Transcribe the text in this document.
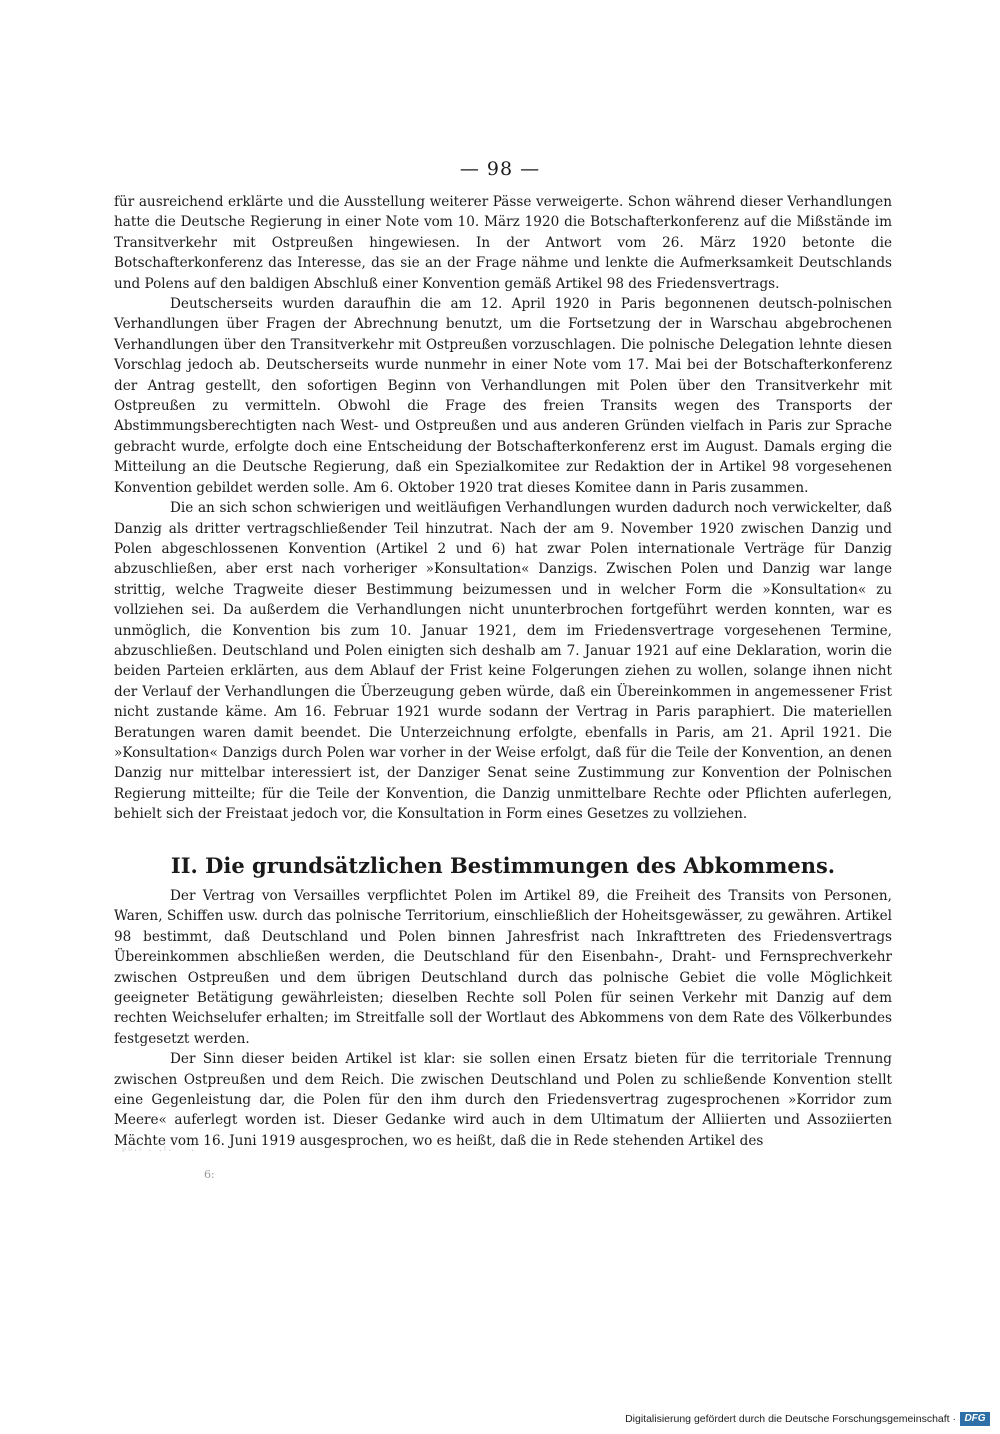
— 98 —

für ausreichend erklärte und die Ausstellung weiterer Pässe verweigerte. Schon während dieser Verhandlungen hatte die Deutsche Regierung in einer Note vom 10. März 1920 die Botschafterkonferenz auf die Mißstände im Transitverkehr mit Ostpreußen hingewiesen. In der Antwort vom 26. März 1920 betonte die Botschafterkonferenz das Interesse, das sie an der Frage nähme und lenkte die Aufmerksamkeit Deutschlands und Polens auf den baldigen Abschluß einer Konvention gemäß Artikel 98 des Friedensvertrags.

Deutscherseits wurden daraufhin die am 12. April 1920 in Paris begonnenen deutsch-polnischen Verhandlungen über Fragen der Abrechnung benutzt, um die Fortsetzung der in Warschau abgebrochenen Verhandlungen über den Transitverkehr mit Ostpreußen vorzuschlagen. Die polnische Delegation lehnte diesen Vorschlag jedoch ab. Deutscherseits wurde nunmehr in einer Note vom 17. Mai bei der Botschafterkonferenz der Antrag gestellt, den sofortigen Beginn von Verhandlungen mit Polen über den Transitverkehr mit Ostpreußen zu vermitteln. Obwohl die Frage des freien Transits wegen des Transports der Abstimmungsberechtigten nach West- und Ostpreußen und aus anderen Gründen vielfach in Paris zur Sprache gebracht wurde, erfolgte doch eine Entscheidung der Botschafterkonferenz erst im August. Damals erging die Mitteilung an die Deutsche Regierung, daß ein Spezialkomitee zur Redaktion der in Artikel 98 vorgesehenen Konvention gebildet werden solle. Am 6. Oktober 1920 trat dieses Komitee dann in Paris zusammen.

Die an sich schon schwierigen und weitläufigen Verhandlungen wurden dadurch noch verwickelter, daß Danzig als dritter vertragschließender Teil hinzutrat. Nach der am 9. November 1920 zwischen Danzig und Polen abgeschlossenen Konvention (Artikel 2 und 6) hat zwar Polen internationale Verträge für Danzig abzuschließen, aber erst nach vorheriger »Konsultation« Danzigs. Zwischen Polen und Danzig war lange strittig, welche Tragweite dieser Bestimmung beizumessen und in welcher Form die »Konsultation« zu vollziehen sei. Da außerdem die Verhandlungen nicht ununterbrochen fortgeführt werden konnten, war es unmöglich, die Konvention bis zum 10. Januar 1921, dem im Friedensvertrage vorgesehenen Termine, abzuschließen. Deutschland und Polen einigten sich deshalb am 7. Januar 1921 auf eine Deklaration, worin die beiden Parteien erklärten, aus dem Ablauf der Frist keine Folgerungen ziehen zu wollen, solange ihnen nicht der Verlauf der Verhandlungen die Überzeugung geben würde, daß ein Übereinkommen in angemessener Frist nicht zustande käme. Am 16. Februar 1921 wurde sodann der Vertrag in Paris paraphiert. Die materiellen Beratungen waren damit beendet. Die Unterzeichnung erfolgte, ebenfalls in Paris, am 21. April 1921. Die »Konsultation« Danzigs durch Polen war vorher in der Weise erfolgt, daß für die Teile der Konvention, an denen Danzig nur mittelbar interessiert ist, der Danziger Senat seine Zustimmung zur Konvention der Polnischen Regierung mitteilte; für die Teile der Konvention, die Danzig unmittelbare Rechte oder Pflichten auferlegen, behielt sich der Freistaat jedoch vor, die Konsultation in Form eines Gesetzes zu vollziehen.

II. Die grundsätzlichen Bestimmungen des Abkommens.

Der Vertrag von Versailles verpflichtet Polen im Artikel 89, die Freiheit des Transits von Personen, Waren, Schiffen usw. durch das polnische Territorium, einschließlich der Hoheitsgewässer, zu gewähren. Artikel 98 bestimmt, daß Deutschland und Polen binnen Jahresfrist nach Inkrafttreten des Friedensvertrags Übereinkommen abschließen werden, die Deutschland für den Eisenbahn-, Draht- und Fernsprechverkehr zwischen Ostpreußen und dem übrigen Deutschland durch das polnische Gebiet die volle Möglichkeit geeigneter Betätigung gewährleisten; dieselben Rechte soll Polen für seinen Verkehr mit Danzig auf dem rechten Weichselufer erhalten; im Streitfalle soll der Wortlaut des Abkommens von dem Rate des Völkerbundes festgesetzt werden.

Der Sinn dieser beiden Artikel ist klar: sie sollen einen Ersatz bieten für die territoriale Trennung zwischen Ostpreußen und dem Reich. Die zwischen Deutschland und Polen zu schließende Konvention stellt eine Gegenleistung dar, die Polen für den ihm durch den Friedensvertrag zugesprochenen »Korridor zum Meere« auferlegt worden ist. Dieser Gedanke wird auch in dem Ultimatum der Alliierten und Assoziierten Mächte vom 16. Juni 1919 ausgesprochen, wo es heißt, daß die in Rede stehenden Artikel des

ᵖᵇ·ⁱ · ·ˡ· ˙ ·
6:
Digitalisierung gefördert durch die Deutsche Forschungsgemeinschaft · DFG
